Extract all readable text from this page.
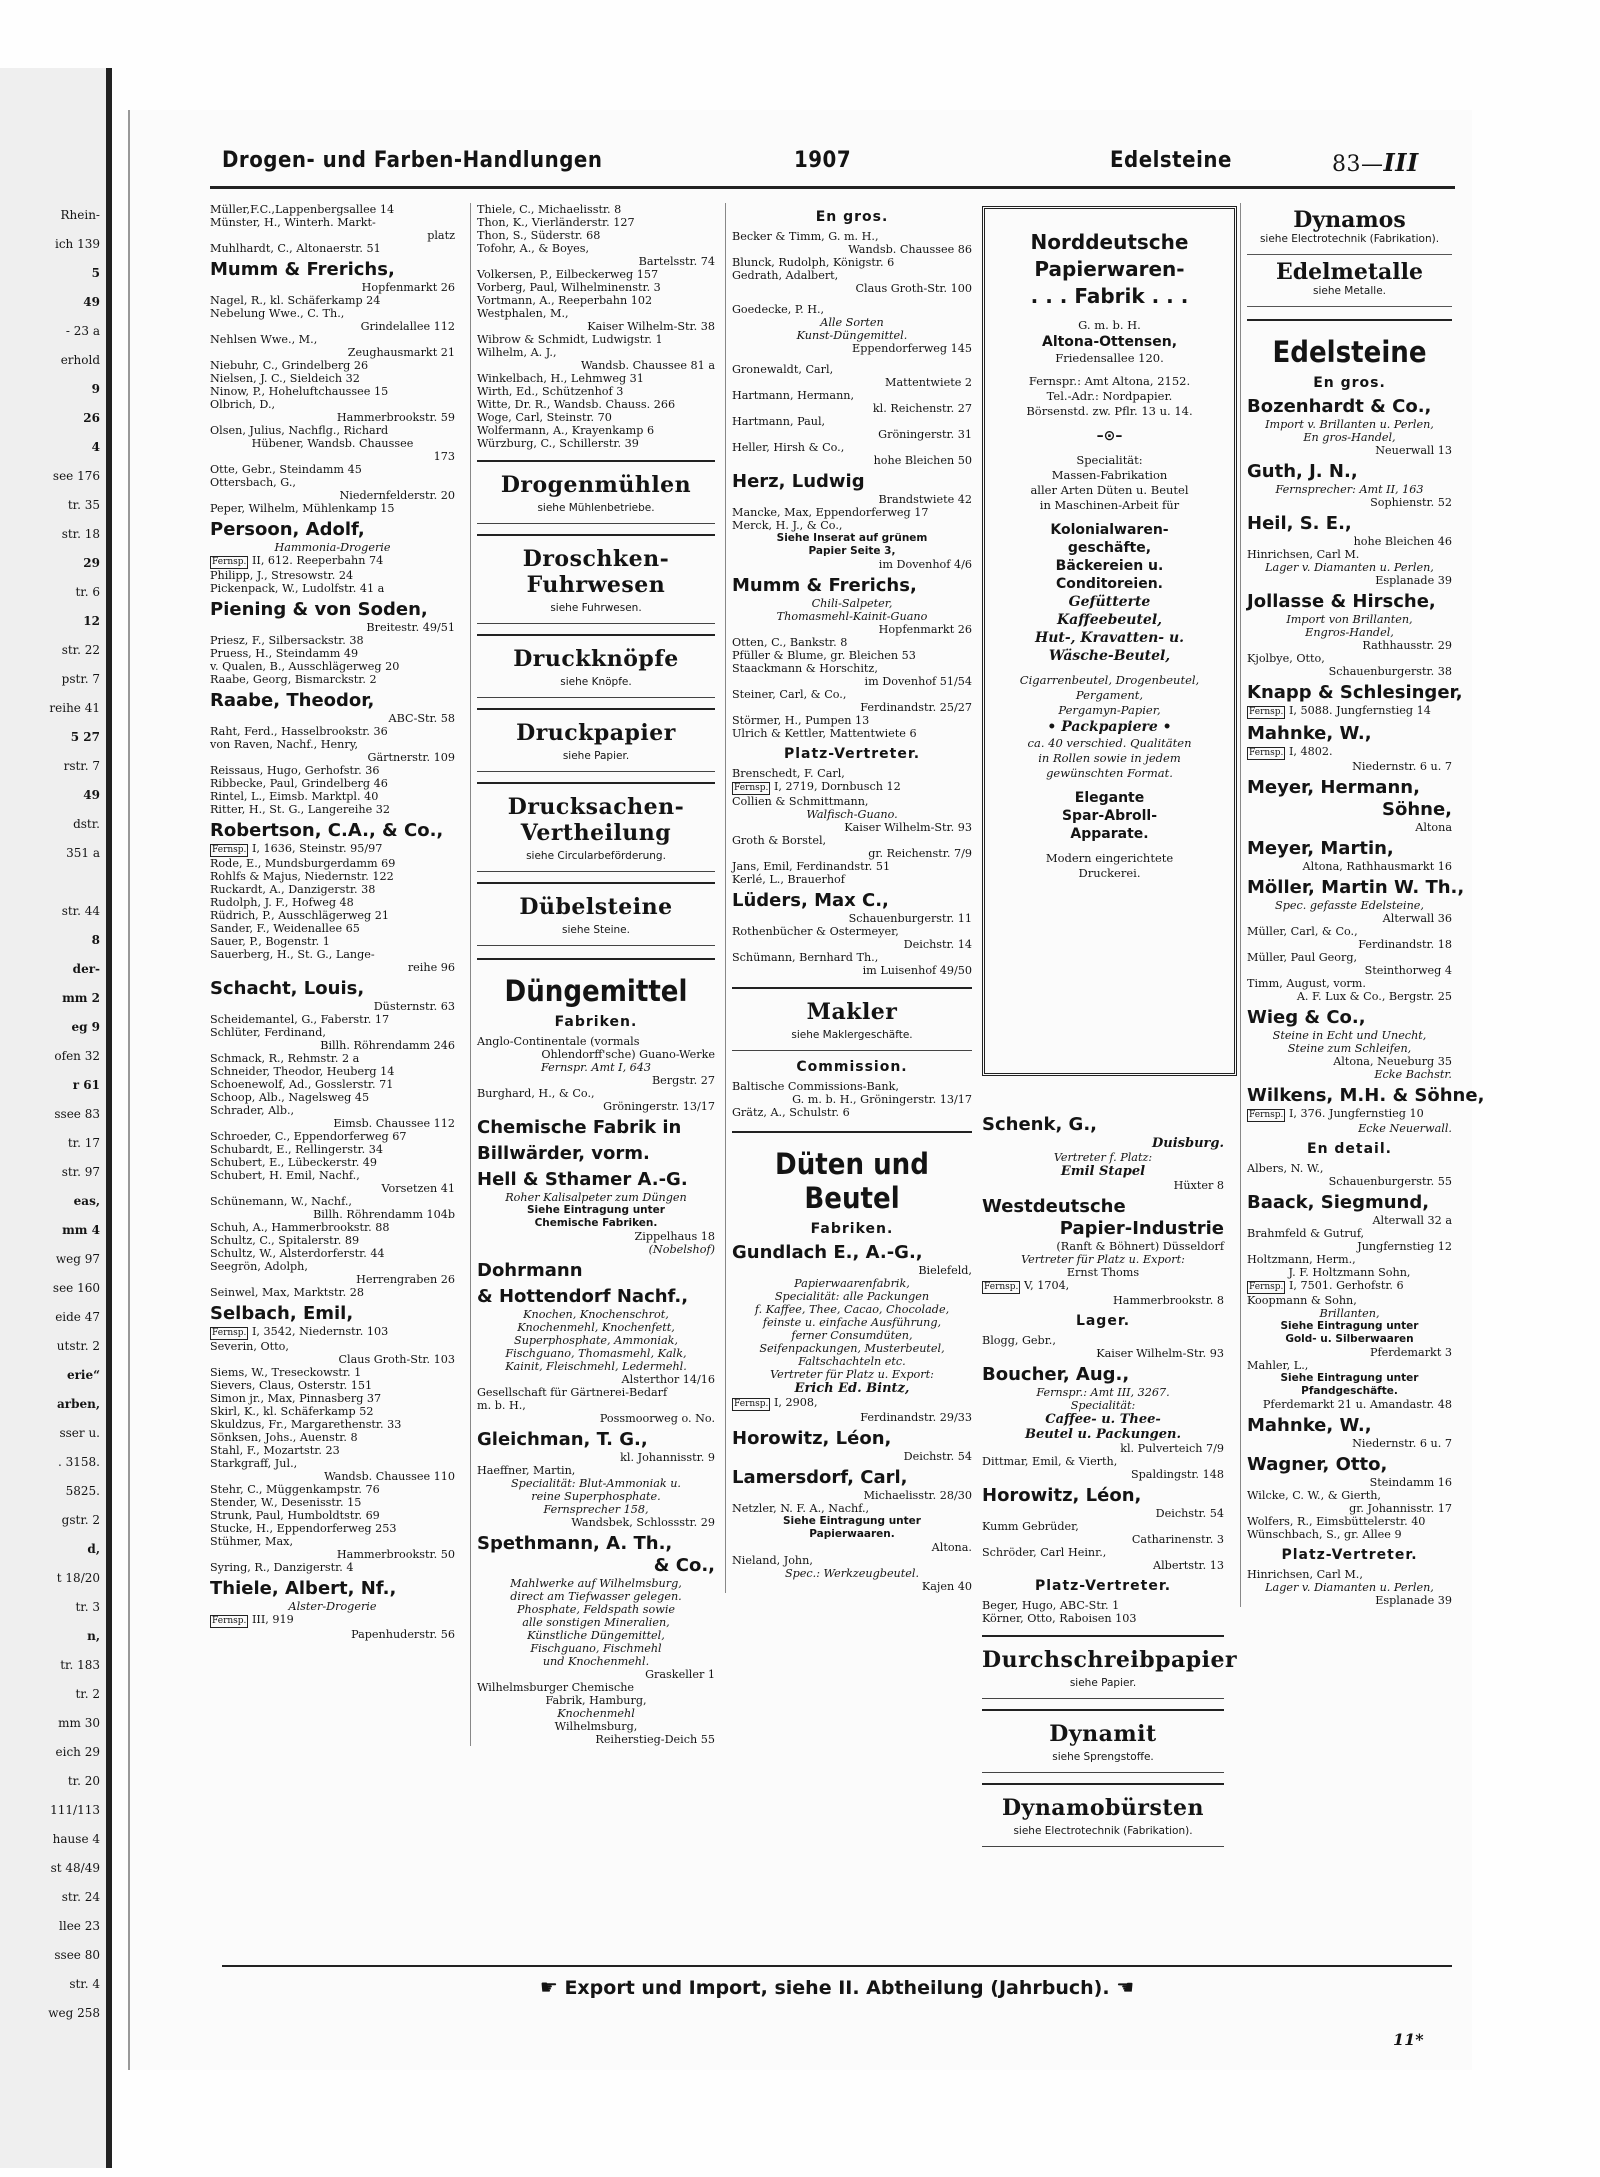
Rhein-
ich 139
5
49
- 23 a
erhold
9
26
4
see 176
tr. 35
str. 18
29
tr. 6
12
str. 22
pstr. 7
reihe 41
5 27
rstr. 7
49
dstr.
351 a
str. 44
8
der-
mm 2
eg 9
ofen 32
r 61
ssee 83
tr. 17
str. 97
eas,
mm 4
weg 97
see 160
eide 47
utstr. 2
erie“
arben,
sser u.
. 3158.
5825.
gstr. 2
d,
t 18/20
tr. 3
n,
tr. 183
tr. 2
mm 30
eich 29
tr. 20
111/113
hause 4
st 48/49
str. 24
llee 23
ssee 80
str. 4
weg 258
Drogen- und Farben-Handlungen	1907	Edelsteine	83—III
Müller,F.C.,Lappenbergsallee 14
Münster, H., Winterh. Markt-
platz
Muhlhardt, C., Altonaerstr. 51
Mumm & Frerichs,
Hopfenmarkt 26
Nagel, R., kl. Schäferkamp 24
Nebelung Wwe., C. Th.,
Grindelallee 112
Nehlsen Wwe., M.,
Zeughausmarkt 21
Niebuhr, C., Grindelberg 26
Nielsen, J. C., Sieldeich 32
Ninow, P., Hoheluftchaussee 15
Olbrich, D.,
Hammerbrookstr. 59
Olsen, Julius, Nachflg., Richard
Hübener, Wandsb. Chaussee
173
Otte, Gebr., Steindamm 45
Ottersbach, G.,
Niedernfelderstr. 20
Peper, Wilhelm, Mühlenkamp 15
Persoon, Adolf,
Hammonia-Drogerie
Fernsp. II, 612. Reeperbahn 74
Philipp, J., Stresowstr. 24
Pickenpack, W., Ludolfstr. 41 a
Piening & von Soden,
Breitestr. 49/51
Priesz, F., Silbersackstr. 38
Pruess, H., Steindamm 49
v. Qualen, B., Ausschlägerweg 20
Raabe, Georg, Bismarckstr. 2
Raabe, Theodor,
ABC-Str. 58
Raht, Ferd., Hasselbrookstr. 36
von Raven, Nachf., Henry,
Gärtnerstr. 109
Reissaus, Hugo, Gerhofstr. 36
Ribbecke, Paul, Grindelberg 46
Rintel, L., Eimsb. Marktpl. 40
Ritter, H., St. G., Langereihe 32
Robertson, C.A., & Co.,
Fernsp. I, 1636, Steinstr. 95/97
Rode, E., Mundsburgerdamm 69
Rohlfs & Majus, Niedernstr. 122
Ruckardt, A., Danzigerstr. 38
Rudolph, J. F., Hofweg 48
Rüdrich, P., Ausschlägerweg 21
Sander, F., Weidenallee 65
Sauer, P., Bogenstr. 1
Sauerberg, H., St. G., Lange-
reihe 96
Schacht, Louis,
Düsternstr. 63
Scheidemantel, G., Faberstr. 17
Schlüter, Ferdinand,
Billh. Röhrendamm 246
Schmack, R., Rehmstr. 2 a
Schneider, Theodor, Heuberg 14
Schoenewolf, Ad., Gosslerstr. 71
Schoop, Alb., Nagelsweg 45
Schrader, Alb.,
Eimsb. Chaussee 112
Schroeder, C., Eppendorferweg 67
Schubardt, E., Rellingerstr. 34
Schubert, E., Lübeckerstr. 49
Schubert, H. Emil, Nachf.,
Vorsetzen 41
Schünemann, W., Nachf.,
Billh. Röhrendamm 104b
Schuh, A., Hammerbrookstr. 88
Schultz, C., Spitalerstr. 89
Schultz, W., Alsterdorferstr. 44
Seegrön, Adolph,
Herrengraben 26
Seinwel, Max, Marktstr. 28
Selbach, Emil,
Fernsp. I, 3542, Niedernstr. 103
Severin, Otto,
Claus Groth-Str. 103
Siems, W., Treseckowstr. 1
Sievers, Claus, Osterstr. 151
Simon jr., Max, Pinnasberg 37
Skirl, K., kl. Schäferkamp 52
Skuldzus, Fr., Margarethenstr. 33
Sönksen, Johs., Auenstr. 8
Stahl, F., Mozartstr. 23
Starkgraff, Jul.,
Wandsb. Chaussee 110
Stehr, C., Müggenkampstr. 76
Stender, W., Desenisstr. 15
Strunk, Paul, Humboldtstr. 69
Stucke, H., Eppendorferweg 253
Stühmer, Max,
Hammerbrookstr. 50
Syring, R., Danzigerstr. 4
Thiele, Albert, Nf.,
Alster-Drogerie
Fernsp. III, 919
Papenhuderstr. 56
Thiele, C., Michaelisstr. 8
Thon, K., Vierländerstr. 127
Thon, S., Süderstr. 68
Tofohr, A., & Boyes,
Bartelsstr. 74
Volkersen, P., Eilbeckerweg 157
Vorberg, Paul, Wilhelminenstr. 3
Vortmann, A., Reeperbahn 102
Westphalen, M.,
Kaiser Wilhelm-Str. 38
Wibrow & Schmidt, Ludwigstr. 1
Wilhelm, A. J.,
Wandsb. Chaussee 81 a
Winkelbach, H., Lehmweg 31
Wirth, Ed., Schützenhof 3
Witte, Dr. R., Wandsb. Chauss. 266
Woge, Carl, Steinstr. 70
Wolfermann, A., Krayenkamp 6
Würzburg, C., Schillerstr. 39
Drogenmühlen
siehe Mühlenbetriebe.
Droschken-Fuhrwesen
siehe Fuhrwesen.
Druckknöpfe
siehe Knöpfe.
Druckpapier
siehe Papier.
Drucksachen-Vertheilung
siehe Circularbeförderung.
Dübelsteine
siehe Steine.
Düngemittel
Fabriken.
Anglo-Continentale (vormals
Ohlendorff'sche) Guano-Werke
Fernspr. Amt I, 643
Bergstr. 27
Burghard, H., & Co.,
Gröningerstr. 13/17
Chemische Fabrik in
Billwärder, vorm.
Hell & Sthamer A.-G.
Roher Kalisalpeter zum Düngen
Siehe Eintragung unter
Chemische Fabriken.
Zippelhaus 18
(Nobelshof)
Dohrmann
& Hottendorf Nachf.,
Knochen, Knochenschrot,
Knochenmehl, Knochenfett,
Superphosphate, Ammoniak,
Fischguano, Thomasmehl, Kalk,
Kainit, Fleischmehl, Ledermehl.
Alsterthor 14/16
Gesellschaft für Gärtnerei-Bedarf
m. b. H.,
Possmoorweg o. No.
Gleichman, T. G.,
kl. Johannisstr. 9
Haeffner, Martin,
Specialität: Blut-Ammoniak u.
reine Superphosphate.
Fernsprecher 158,
Wandsbek, Schlossstr. 29
Spethmann, A. Th.,
& Co.,
Mahlwerke auf Wilhelmsburg,
direct am Tiefwasser gelegen.
Phosphate, Feldspath sowie
alle sonstigen Mineralien,
Künstliche Düngemittel,
Fischguano, Fischmehl
und Knochenmehl.
Graskeller 1
Wilhelmsburger Chemische
Fabrik, Hamburg,
Knochenmehl
Wilhelmsburg,
Reiherstieg-Deich 55
En gros.
Becker & Timm, G. m. H.,
Wandsb. Chaussee 86
Blunck, Rudolph, Königstr. 6
Gedrath, Adalbert,
Claus Groth-Str. 100
Goedecke, P. H.,
Alle Sorten
Kunst-Düngemittel.
Eppendorferweg 145
Gronewaldt, Carl,
Mattentwiete 2
Hartmann, Hermann,
kl. Reichenstr. 27
Hartmann, Paul,
Gröningerstr. 31
Heller, Hirsh & Co.,
hohe Bleichen 50
Herz, Ludwig
Brandstwiete 42
Mancke, Max, Eppendorferweg 17
Merck, H. J., & Co.,
Siehe Inserat auf grünem
Papier Seite 3,
im Dovenhof 4/6
Mumm & Frerichs,
Chili-Salpeter,
Thomasmehl-Kainit-Guano
Hopfenmarkt 26
Otten, C., Bankstr. 8
Pfüller & Blume, gr. Bleichen 53
Staackmann & Horschitz,
im Dovenhof 51/54
Steiner, Carl, & Co.,
Ferdinandstr. 25/27
Störmer, H., Pumpen 13
Ulrich & Kettler, Mattentwiete 6
Platz-Vertreter.
Brenschedt, F. Carl,
Fernsp. I, 2719, Dornbusch 12
Collien & Schmittmann,
Walfisch-Guano.
Kaiser Wilhelm-Str. 93
Groth & Borstel,
gr. Reichenstr. 7/9
Jans, Emil, Ferdinandstr. 51
Kerlé, L., Brauerhof
Lüders, Max C.,
Schauenburgerstr. 11
Rothenbücher & Ostermeyer,
Deichstr. 14
Schümann, Bernhard Th.,
im Luisenhof 49/50
Makler
siehe Maklergeschäfte.
Commission.
Baltische Commissions-Bank,
G. m. b. H., Gröningerstr. 13/17
Grätz, A., Schulstr. 6
Düten und Beutel
Fabriken.
Gundlach E., A.-G.,
Bielefeld,
Papierwaarenfabrik,
Specialität: alle Packungen
f. Kaffee, Thee, Cacao, Chocolade,
feinste u. einfache Ausführung,
ferner Consumdüten,
Seifenpackungen, Musterbeutel,
Faltschachteln etc.
Vertreter für Platz u. Export:
Erich Ed. Bintz,
Fernsp. I, 2908,
Ferdinandstr. 29/33
Horowitz, Léon,
Deichstr. 54
Lamersdorf, Carl,
Michaelisstr. 28/30
Netzler, N. F. A., Nachf.,
Siehe Eintragung unter
Papierwaaren.
Altona.
Nieland, John,
Spec.: Werkzeugbeutel.
Kajen 40
Norddeutsche
Papierwaren-
. . . Fabrik . . .
G. m. b. H.
Altona-Ottensen,
Friedensallee 120.
Fernspr.: Amt Altona, 2152.
Tel.-Adr.: Nordpapier.
Börsenstd. zw. Pflr. 13 u. 14.
–⊙–
Specialität:
Massen-Fabrikation
aller Arten Düten u. Beutel
in Maschinen-Arbeit für
Kolonialwaren-
geschäfte,
Bäckereien u.
Conditoreien.
Gefütterte
Kaffeebeutel,
Hut-, Kravatten- u.
Wäsche-Beutel,
Cigarrenbeutel, Drogenbeutel,
Pergament,
Pergamyn-Papier,
• Packpapiere •
ca. 40 verschied. Qualitäten
in Rollen sowie in jedem
gewünschten Format.
Elegante
Spar-Abroll-
Apparate.
Modern eingerichtete
Druckerei.
Schenk, G.,
Duisburg.
Vertreter f. Platz:
Emil Stapel
Hüxter 8
Westdeutsche
Papier-Industrie
(Ranft & Böhnert) Düsseldorf
Vertreter für Platz u. Export:
Ernst Thoms
Fernsp. V, 1704,
Hammerbrookstr. 8
Lager.
Blogg, Gebr.,
Kaiser Wilhelm-Str. 93
Boucher, Aug.,
Fernspr.: Amt III, 3267.
Specialität:
Caffee- u. Thee-
Beutel u. Packungen.
kl. Pulverteich 7/9
Dittmar, Emil, & Vierth,
Spaldingstr. 148
Horowitz, Léon,
Deichstr. 54
Kumm Gebrüder,
Catharinenstr. 3
Schröder, Carl Heinr.,
Albertstr. 13
Platz-Vertreter.
Beger, Hugo, ABC-Str. 1
Körner, Otto, Raboisen 103
Durchschreibpapier
siehe Papier.
Dynamit
siehe Sprengstoffe.
Dynamobürsten
siehe Electrotechnik (Fabrikation).
Dynamos
siehe Electrotechnik (Fabrikation).
Edelmetalle
siehe Metalle.
Edelsteine
En gros.
Bozenhardt & Co.,
Import v. Brillanten u. Perlen,
En gros-Handel,
Neuerwall 13
Guth, J. N.,
Fernsprecher: Amt II, 163
Sophienstr. 52
Heil, S. E.,
hohe Bleichen 46
Hinrichsen, Carl M.
Lager v. Diamanten u. Perlen,
Esplanade 39
Jollasse & Hirsche,
Import von Brillanten,
Engros-Handel,
Rathhausstr. 29
Kjolbye, Otto,
Schauenburgerstr. 38
Knapp & Schlesinger,
Fernsp. I, 5088. Jungfernstieg 14
Mahnke, W.,
Fernsp. I, 4802.
Niedernstr. 6 u. 7
Meyer, Hermann,
Söhne,
Altona
Meyer, Martin,
Altona, Rathhausmarkt 16
Möller, Martin W. Th.,
Spec. gefasste Edelsteine,
Alterwall 36
Müller, Carl, & Co.,
Ferdinandstr. 18
Müller, Paul Georg,
Steinthorweg 4
Timm, August, vorm.
A. F. Lux & Co., Bergstr. 25
Wieg & Co.,
Steine in Echt und Unecht,
Steine zum Schleifen,
Altona, Neueburg 35
Ecke Bachstr.
Wilkens, M.H. & Söhne,
Fernsp. I, 376. Jungfernstieg 10
Ecke Neuerwall.
En detail.
Albers, N. W.,
Schauenburgerstr. 55
Baack, Siegmund,
Alterwall 32 a
Brahmfeld & Gutruf,
Jungfernstieg 12
Holtzmann, Herm.,
J. F. Holtzmann Sohn,
Fernsp. I, 7501. Gerhofstr. 6
Koopmann & Sohn,
Brillanten,
Siehe Eintragung unter
Gold- u. Silberwaaren
Pferdemarkt 3
Mahler, L.,
Siehe Eintragung unter
Pfandgeschäfte.
Pferdemarkt 21 u. Amandastr. 48
Mahnke, W.,
Niedernstr. 6 u. 7
Wagner, Otto,
Steindamm 16
Wilcke, C. W., & Gierth,
gr. Johannisstr. 17
Wolfers, R., Eimsbüttelerstr. 40
Wünschbach, S., gr. Allee 9
Platz-Vertreter.
Hinrichsen, Carl M.,
Lager v. Diamanten u. Perlen,
Esplanade 39
☛ Export und Import, siehe II. Abtheilung (Jahrbuch). ☚
11*
